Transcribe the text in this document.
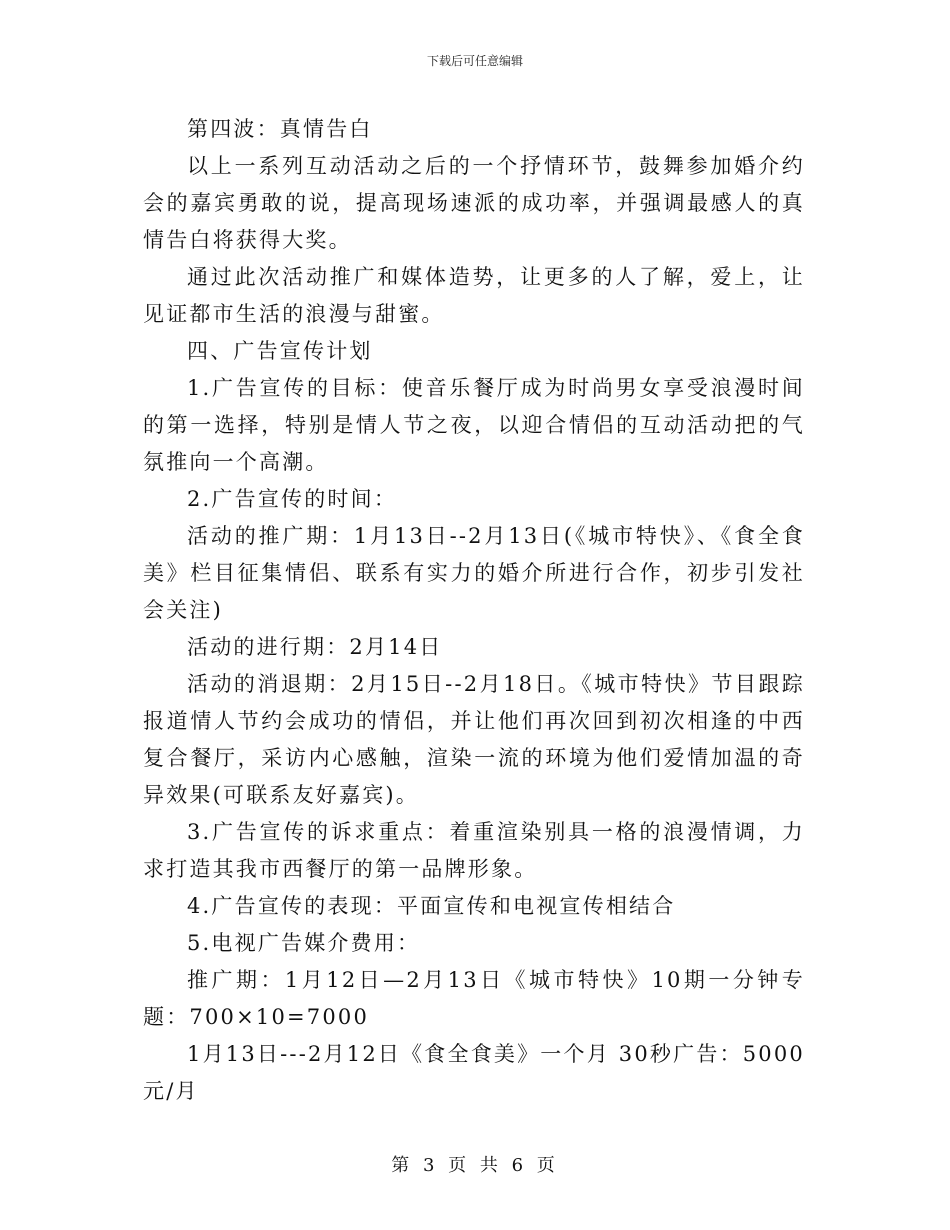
下载后可任意编辑

第四波：真情告白

以上一系列互动活动之后的一个抒情环节，鼓舞参加婚介约会的嘉宾勇敢的说，提高现场速派的成功率，并强调最感人的真情告白将获得大奖。

通过此次活动推广和媒体造势，让更多的人了解，爱上，让见证都市生活的浪漫与甜蜜。

四、广告宣传计划

1.广告宣传的目标：使音乐餐厅成为时尚男女享受浪漫时间的第一选择，特别是情人节之夜，以迎合情侣的互动活动把的气氛推向一个高潮。

2.广告宣传的时间：

活动的推广期：1月13日--2月13日(《城市特快》、《食全食美》栏目征集情侣、联系有实力的婚介所进行合作，初步引发社会关注)

活动的进行期：2月14日

活动的消退期：2月15日--2月18日。《城市特快》节目跟踪报道情人节约会成功的情侣，并让他们再次回到初次相逢的中西复合餐厅，采访内心感触，渲染一流的环境为他们爱情加温的奇异效果(可联系友好嘉宾)。

3.广告宣传的诉求重点：着重渲染别具一格的浪漫情调，力求打造其我市西餐厅的第一品牌形象。

4.广告宣传的表现：平面宣传和电视宣传相结合

5.电视广告媒介费用：

推广期：1月12日—2月13日《城市特快》10期一分钟专题：700×10=7000

1月13日---2月12日《食全食美》一个月 30秒广告：5000元/月

第 3 页 共 6 页
